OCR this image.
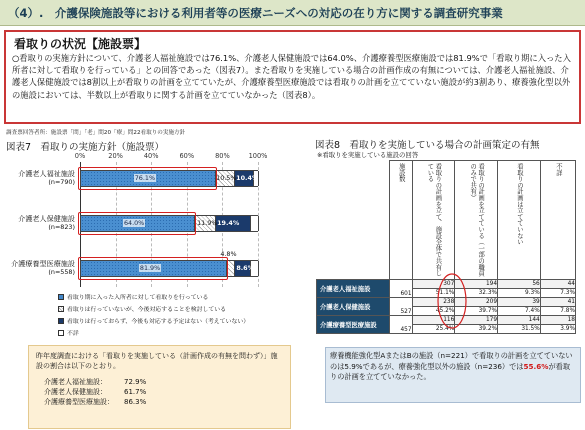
（4）.　介護保険施設等における利用者等の医療ニーズへの対応の在り方に関する調査研究事業
看取りの状況【施設票】
○看取りの実施方針について、介護老人福祉施設では76.1%、介護老人保健施設では64.0%、介護療養型医療施設では81.9%で「看取り期に入った入所者に対して看取りを行っている」との回答であった（図表7）。また看取りを実施している場合の計画作成の有無については、介護老人福祉施設、介護老人保健施設では8割以上が看取りの計画を立てていたが、介護療養型医療施設では看取りの計画を立てていない施設が約3割あり、療養強化型以外の施設においては、半数以上が看取りに関する計画を立てていなかった（図表8）。
調査票回答者所：施設票「問」「老」問20「療」問22看取りの実施方針
図表7　看取りの実施方針（施設票）
0%	20%	40%	60%	80%	100%
介護老人福祉施設
(n=790)	76.1%	10.5% 10.4%
介護老人保健施設
(n=823)	64.0%	11.9% 19.4%
介護療養型医療施設
(n=558)	81.9%
4.8%
8.6%
看取り期に入った入所者に対して看取りを行っている
看取りは行っていないが、今後対応することを検討している
看取りは行っておらず、今後も対応する予定はない（考えていない）
不詳
昨年度調査における「看取りを実施している（計画作成の有無を問わず）」施設の割合は以下のとおり。
介護老人福祉施設：	72.9%
介護老人保健施設：	61.7%
介護療養型医療施設： 86.3%
図表8　看取りを実施している場合の計画策定の有無
※看取りを実施している施設の回答
	施設数	看取りの計画を立て、施設全体で共有している	看取りの計画を立てている（一部の職員のみで共有）	看取りの計画は立てていない	不詳
介護老人福祉施設	601	307	194	56	44
		51.1%	32.3%	9.3%	7.3%
介護老人保健施設	527	238	209	39	41
		45.2%	39.7%	7.4%	7.8%
介護療養型医療施設	457	116	179	144	18
		25.4%	39.2%	31.5%	3.9%
療養機能強化型AまたはBの施設（n=221）で看取りの計画を立てていないのは5.9%であるが、療養強化型以外の施設（n=236）では55.6%が看取りの計画を立てていなかった。
